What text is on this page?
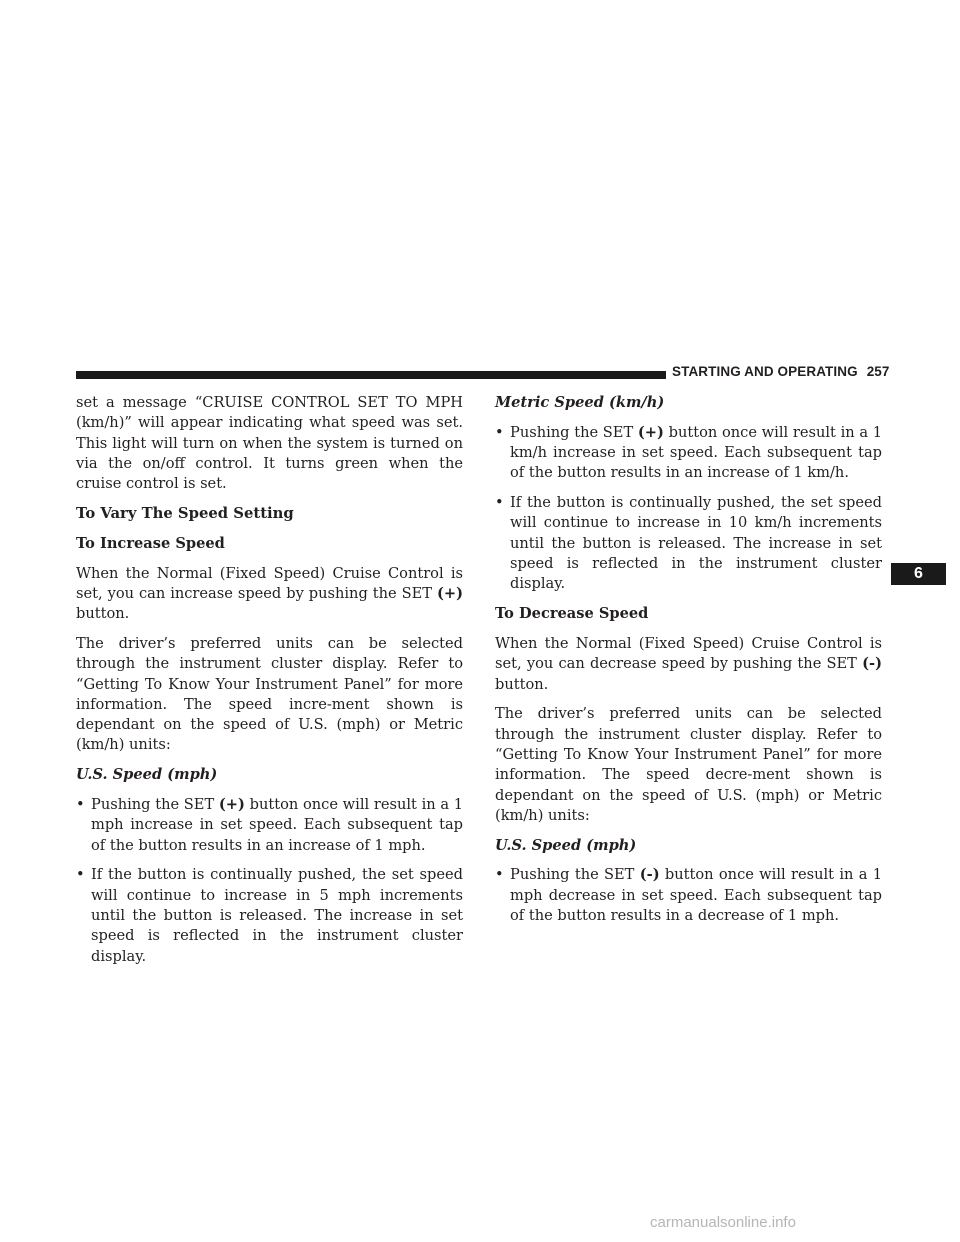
STARTING AND OPERATING 257
6

set a message “CRUISE CONTROL SET TO MPH (km/h)” will appear indicating what speed was set. This light will turn on when the system is turned on via the on/off control. It turns green when the cruise control is set.

To Vary The Speed Setting
To Increase Speed

When the Normal (Fixed Speed) Cruise Control is set, you can increase speed by pushing the SET (+) button.

The driver’s preferred units can be selected through the instrument cluster display. Refer to “Getting To Know Your Instrument Panel” for more information. The speed incre-ment shown is dependant on the speed of U.S. (mph) or Metric (km/h) units:

U.S. Speed (mph)
• Pushing the SET (+) button once will result in a 1 mph increase in set speed. Each subsequent tap of the button results in an increase of 1 mph.
• If the button is continually pushed, the set speed will continue to increase in 5 mph increments until the button is released. The increase in set speed is reflected in the instrument cluster display.
Metric Speed (km/h)
• Pushing the SET (+) button once will result in a 1 km/h increase in set speed. Each subsequent tap of the button results in an increase of 1 km/h.
• If the button is continually pushed, the set speed will continue to increase in 10 km/h increments until the button is released. The increase in set speed is reflected in the instrument cluster display.
To Decrease Speed

When the Normal (Fixed Speed) Cruise Control is set, you can decrease speed by pushing the SET (-) button.

The driver’s preferred units can be selected through the instrument cluster display. Refer to “Getting To Know Your Instrument Panel” for more information. The speed decre-ment shown is dependant on the speed of U.S. (mph) or Metric (km/h) units:

U.S. Speed (mph)
• Pushing the SET (-) button once will result in a 1 mph decrease in set speed. Each subsequent tap of the button results in a decrease of 1 mph.
carmanualsonline.info
